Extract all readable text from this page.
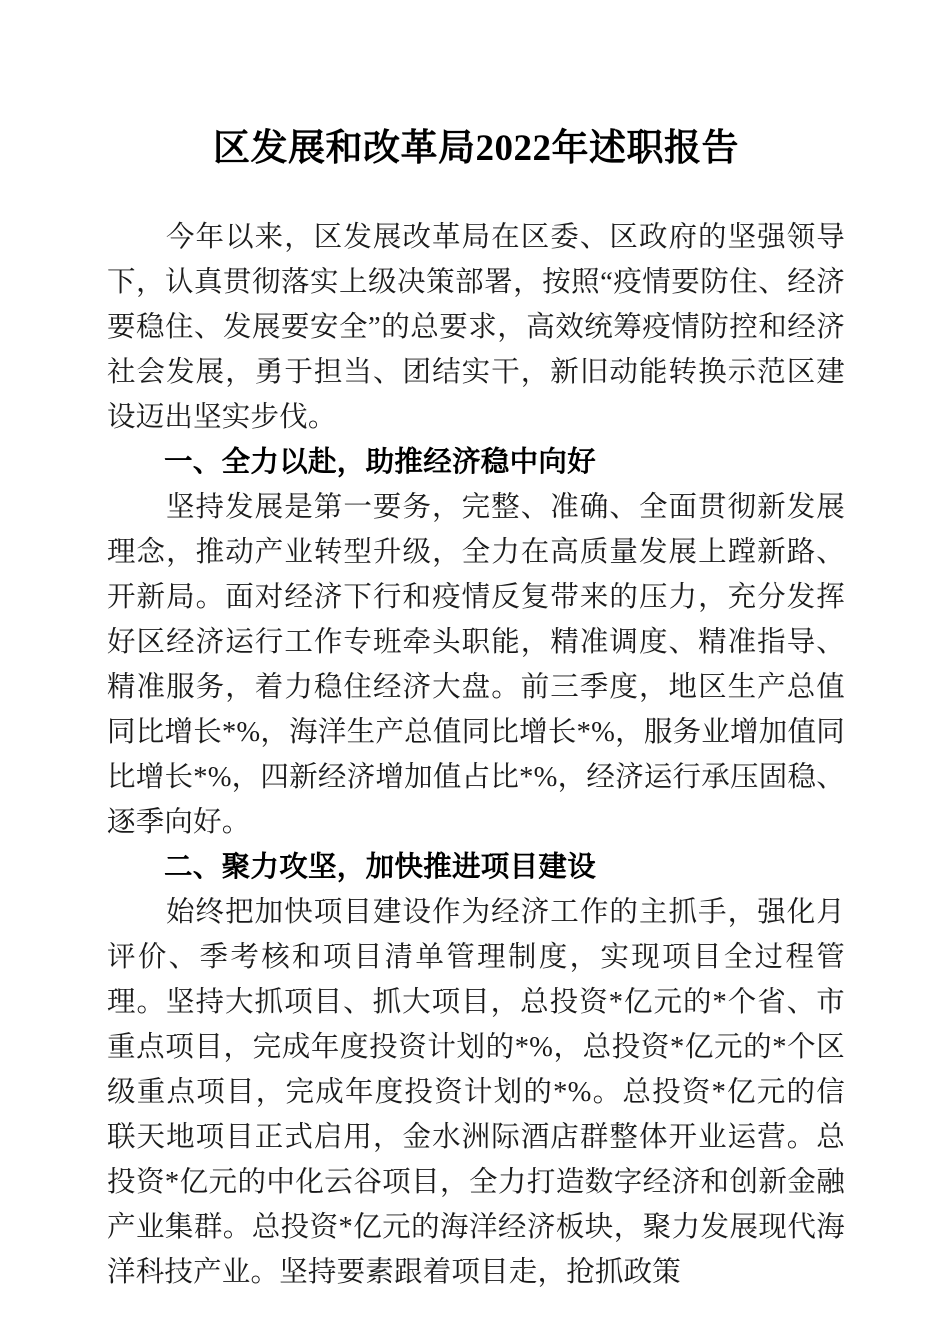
区发展和改革局2022年述职报告

今年以来，区发展改革局在区委、区政府的坚强领导下，认真贯彻落实上级决策部署，按照“疫情要防住、经济要稳住、发展要安全”的总要求，高效统筹疫情防控和经济社会发展，勇于担当、团结实干，新旧动能转换示范区建设迈出坚实步伐。

一、全力以赴，助推经济稳中向好

坚持发展是第一要务，完整、准确、全面贯彻新发展理念，推动产业转型升级，全力在高质量发展上蹚新路、开新局。面对经济下行和疫情反复带来的压力，充分发挥好区经济运行工作专班牵头职能，精准调度、精准指导、精准服务，着力稳住经济大盘。前三季度，地区生产总值同比增长*%，海洋生产总值同比增长*%，服务业增加值同比增长*%，四新经济增加值占比*%，经济运行承压固稳、逐季向好。

二、聚力攻坚，加快推进项目建设

始终把加快项目建设作为经济工作的主抓手，强化月评价、季考核和项目清单管理制度，实现项目全过程管理。坚持大抓项目、抓大项目，总投资*亿元的*个省、市重点项目，完成年度投资计划的*%，总投资*亿元的*个区级重点项目，完成年度投资计划的*%。总投资*亿元的信联天地项目正式启用，金水洲际酒店群整体开业运营。总投资*亿元的中化云谷项目，全力打造数字经济和创新金融产业集群。总投资*亿元的海洋经济板块，聚力发展现代海洋科技产业。坚持要素跟着项目走，抢抓政策
